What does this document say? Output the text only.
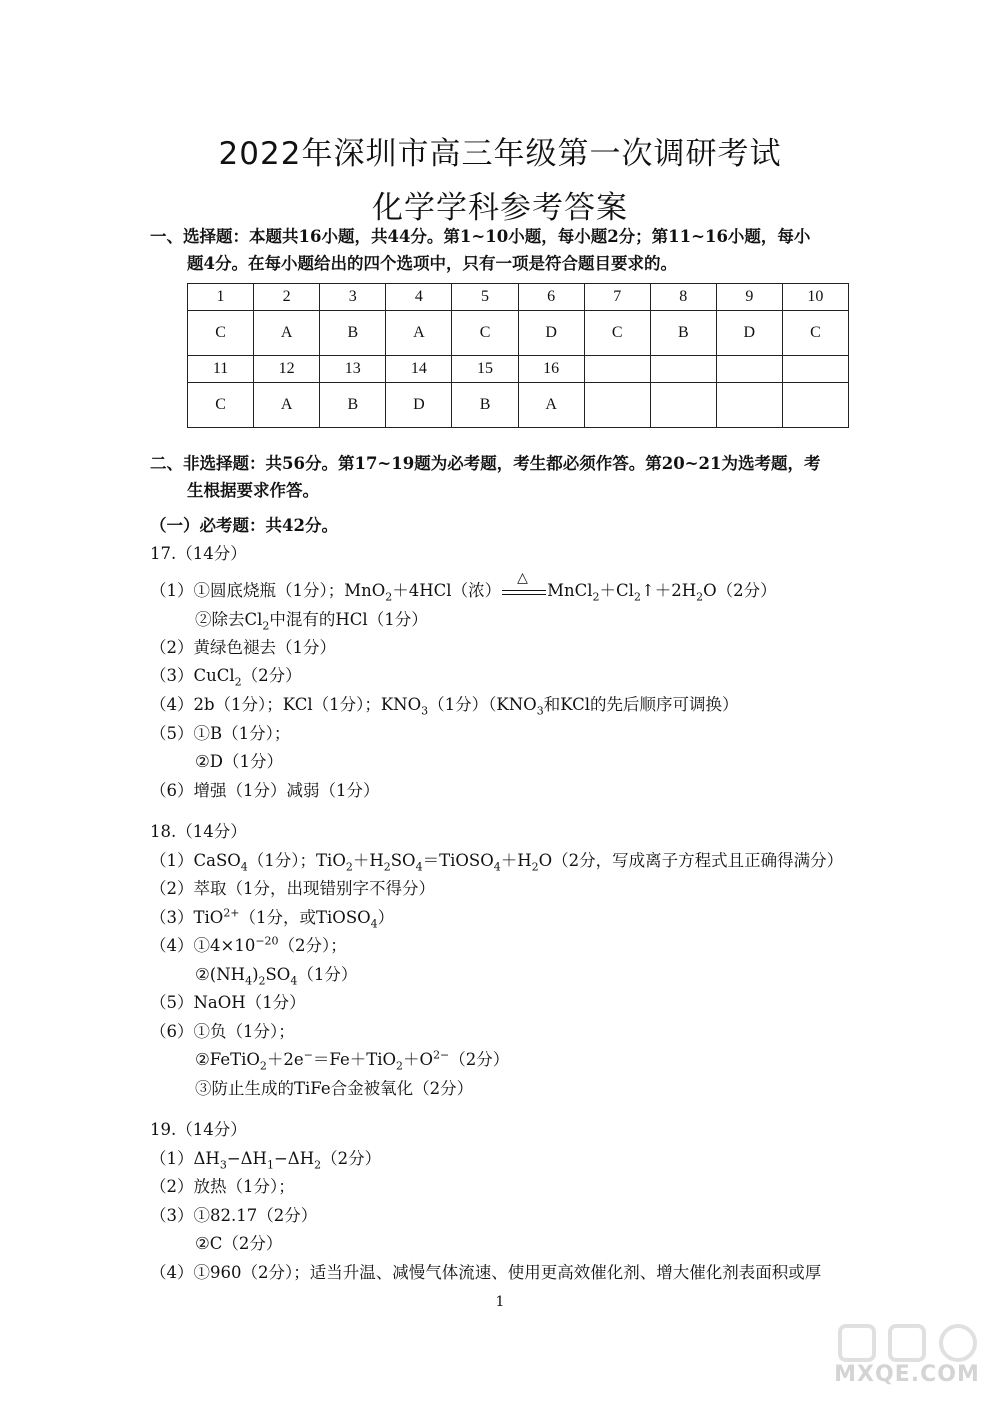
2022年深圳市高三年级第一次调研考试
化学学科参考答案
一、选择题：本题共16小题，共44分。第1~10小题，每小题2分；第11~16小题，每小
题4分。在每小题给出的四个选项中，只有一项是符合题目要求的。
1	2	3	4	5	6	7	8	9	10
C	A	B	A	C	D	C	B	D	C
11	12	13	14	15	16				
C	A	B	D	B	A				
二、非选择题：共56分。第17~19题为必考题，考生都必须作答。第20~21为选考题，考
生根据要求作答。
（一）必考题：共42分。
17.（14分）
（1）①圆底烧瓶（1分）；MnO$_2$＋4HCl（浓）
△
$MnCl_2+Cl_2↑+2H_2O(2$分）
②除去$Cl_2$中混有的HCl（1分）
（2）黄绿色褪去（1分）
（3）CuCl$_2$（2分）
（4）2b（1分）；KCl（1分）；$KNO_3(1$分）（$KNO_3$和KCl的先后顺序可调换）
（5）①B（1分）；
②D（1分）
（6）增强（1分）减弱（1分）
18.（14分）
（1）CaSO$_4$（1分）；$TiO_2+H_2SO_4=TiOSO_4+H_2O(2$分，写成离子方程式且正确得满分）
（2）萃取（1分，出现错别字不得分）
（3）TiO$^{2+}$（1分，或TiOSO$_4$）
$(4)①4\times 10^{-20}(2$分）；
$②(NH_4)_2SO_4(1$分）
（5）NaOH（1分）
（6）①负（1分）；
$②FeTiO_2+2e^-=Fe+TiO_2+O^{2-}(2$分）
③防止生成的TiFe合金被氧化（2分）
19.（14分）
$(1)\Delta H_3-\Delta H_1-\Delta H_2(2$分）
（2）放热（1分）；
（3）①82.17（2分）
②C（2分）
（4）①960（2分）；适当升温、减慢气体流速、使用更高效催化剂、增大催化剂表面积或厚
1
MXQE.COM
